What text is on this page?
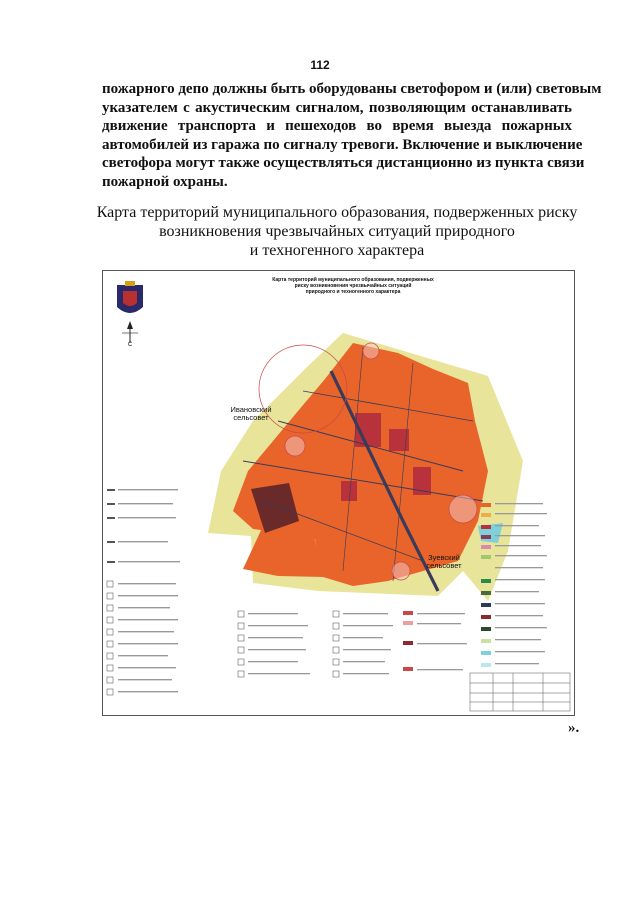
112
пожарного депо должны быть оборудованы светофором и (или) световым
указателем с акустическим сигналом, позволяющим останавливать
движение транспорта и пешеходов во время выезда пожарных
автомобилей из гаража по сигналу тревоги. Включение и выключение
светофора могут также осуществляться дистанционно из пункта связи
пожарной охраны.
Карта территорий муниципального образования, подверженных риску
возникновения чрезвычайных ситуаций природного
и техногенного характера
Карта территорий муниципального образования, подверженных
риску возникновения чрезвычайных ситуаций
природного и техногенного характера
С
Ивановский сельсовет
Зуевский сельсовет
».
